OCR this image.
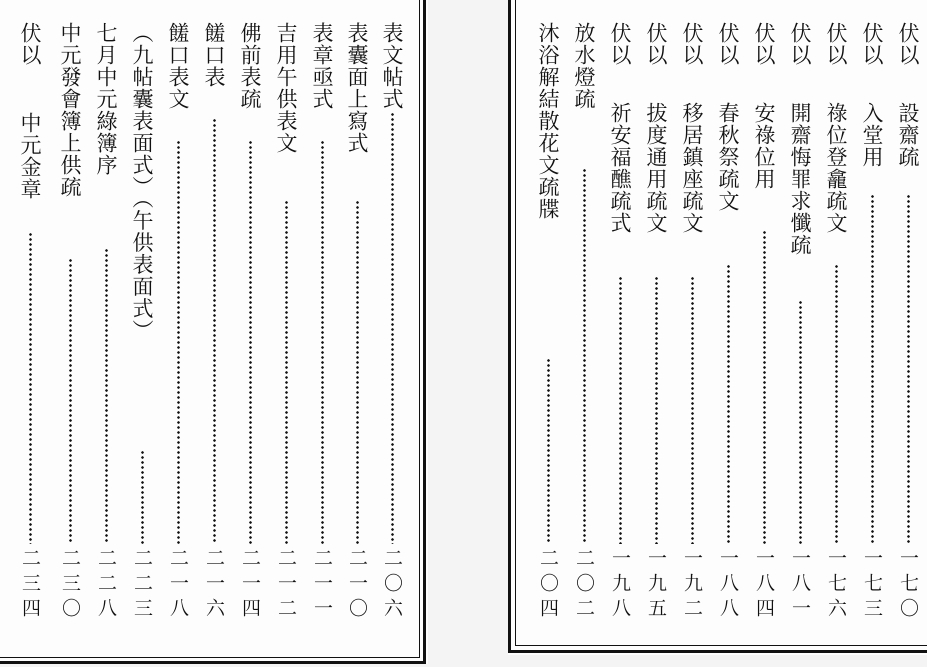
表文帖式
二〇六
表囊面上寫式
二一〇
表章亟式
二一一
吉用午供表文
二一二
佛前表疏
二一四
饈口表
二一六
饈口表文
二一八
（九帖囊表面式）（午供表面式）
二二三
七月中元綠簿序
二二八
中元發會簿上供疏
二三〇
伏以
中元金章
二三四
伏以
設齋疏
一七〇
伏以
入堂用
一七三
伏以
祿位登龕疏文
一七六
伏以
開齋悔罪求懺疏
一八一
伏以
安祿位用
一八四
伏以
春秋祭疏文
一八八
伏以
移居鎮座疏文
一九二
伏以
拔度通用疏文
一九五
伏以
祈安福醮疏式
一九八
放水燈疏
二〇二
沐浴解結散花文疏牒
二〇四
